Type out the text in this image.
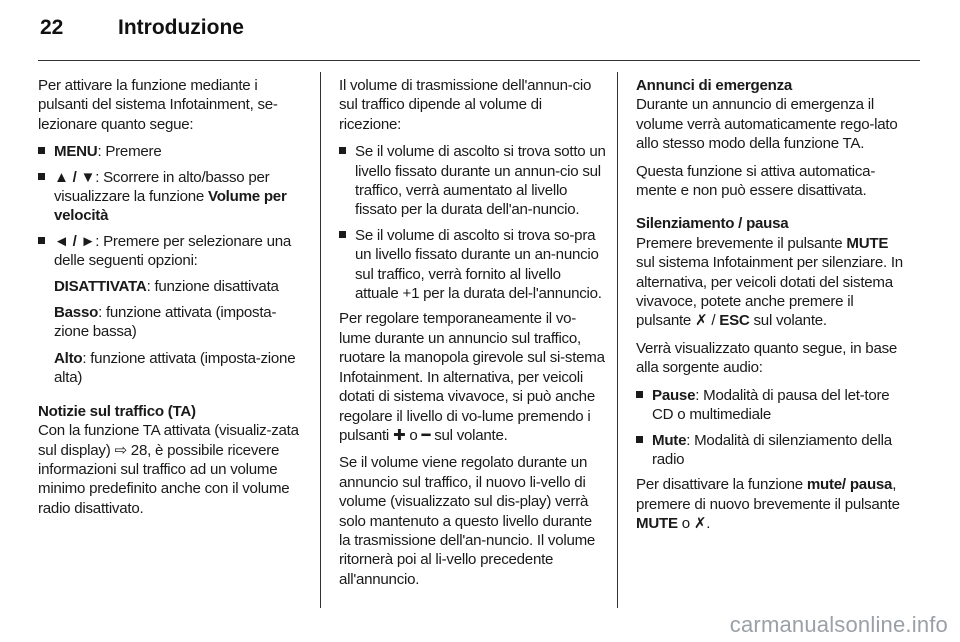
22	Introduzione

Per attivare la funzione mediante i pulsanti del sistema Infotainment, se-lezionare quanto segue:

MENU: Premere
▲ / ▼: Scorrere in alto/basso per visualizzare la funzione Volume per velocità
◄ / ►: Premere per selezionare una delle seguenti opzioni:
DISATTIVATA: funzione disattivata
Basso: funzione attivata (imposta-zione bassa)
Alto: funzione attivata (imposta-zione alta)

Notizie sul traffico (TA)

Con la funzione TA attivata (visualiz-zata sul display) ⇨ 28, è possibile ricevere informazioni sul traffico ad un volume minimo predefinito anche con il volume radio disattivato.

Il volume di trasmissione dell'annun-cio sul traffico dipende al volume di ricezione:

Se il volume di ascolto si trova sotto un livello fissato durante un annun-cio sul traffico, verrà aumentato al livello fissato per la durata dell'an-nuncio.
Se il volume di ascolto si trova so-pra un livello fissato durante un an-nuncio sul traffico, verrà fornito al livello attuale +1 per la durata del-l'annuncio.

Per regolare temporaneamente il vo-lume durante un annuncio sul traffico, ruotare la manopola girevole sul si-stema Infotainment. In alternativa, per veicoli dotati di sistema vivavoce, si può anche regolare il livello di vo-lume premendo i pulsanti ✚ o ━ sul volante.

Se il volume viene regolato durante un annuncio sul traffico, il nuovo li-vello di volume (visualizzato sul dis-play) verrà solo mantenuto a questo livello durante la trasmissione dell'an-nuncio. Il volume ritornerà poi al li-vello precedente all'annuncio.

Annunci di emergenza

Durante un annuncio di emergenza il volume verrà automaticamente rego-lato allo stesso modo della funzione TA.

Questa funzione si attiva automatica-mente e non può essere disattivata.

Silenziamento / pausa

Premere brevemente il pulsante MUTE sul sistema Infotainment per silenziare. In alternativa, per veicoli dotati del sistema vivavoce, potete anche premere il pulsante ✗ / ESC sul volante.

Verrà visualizzato quanto segue, in base alla sorgente audio:

Pause: Modalità di pausa del let-tore CD o multimediale
Mute: Modalità di silenziamento della radio

Per disattivare la funzione mute/ pausa, premere di nuovo brevemente il pulsante MUTE o ✗.

carmanualsonline.info
